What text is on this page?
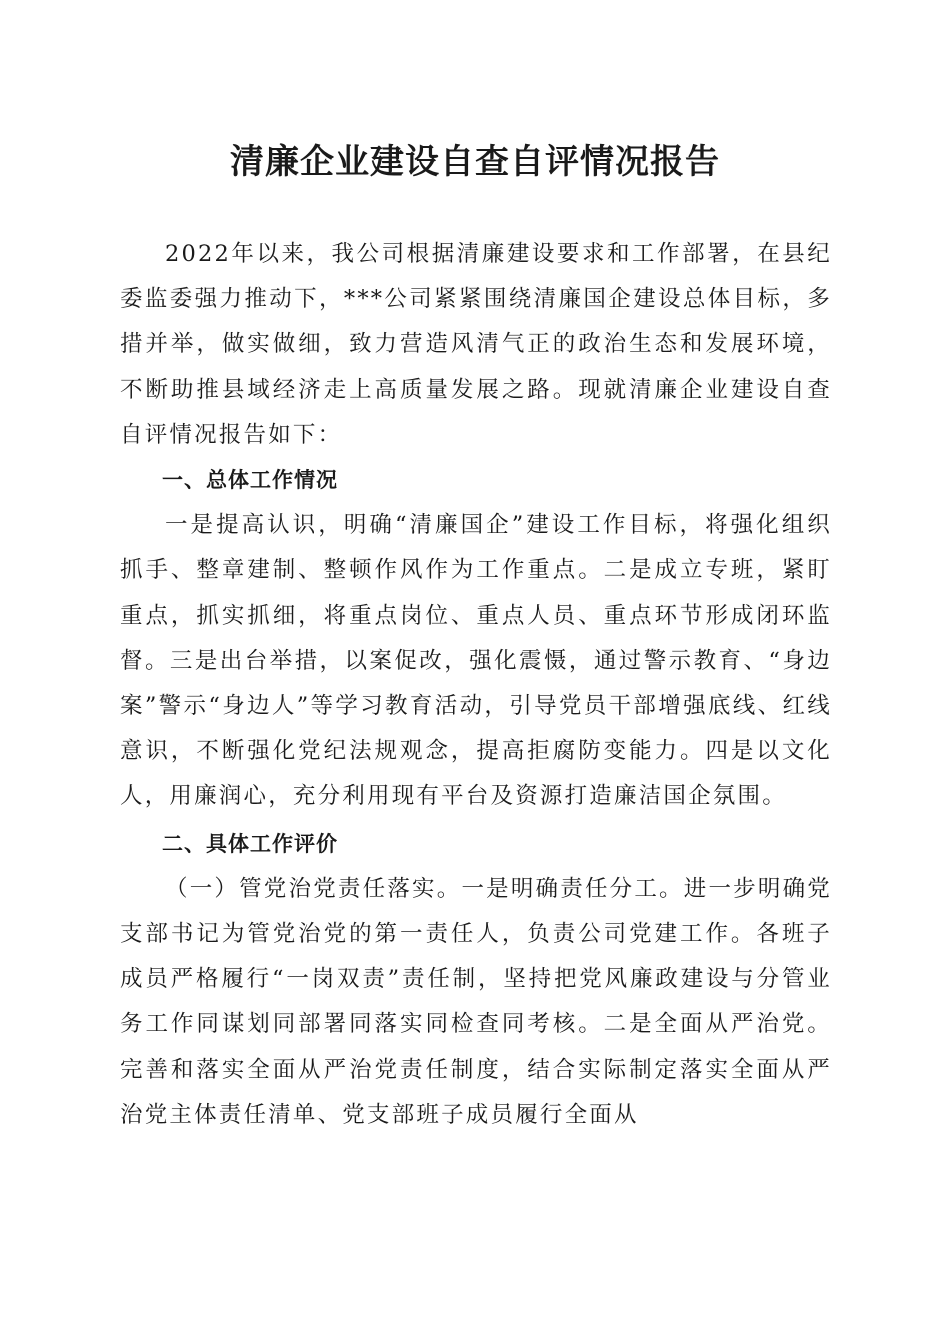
清廉企业建设自查自评情况报告

2022年以来，我公司根据清廉建设要求和工作部署，在县纪委监委强力推动下，***公司紧紧围绕清廉国企建设总体目标，多措并举，做实做细，致力营造风清气正的政治生态和发展环境，不断助推县域经济走上高质量发展之路。现就清廉企业建设自查自评情况报告如下：

一、总体工作情况

一是提高认识，明确“清廉国企”建设工作目标，将强化组织抓手、整章建制、整顿作风作为工作重点。二是成立专班，紧盯重点，抓实抓细，将重点岗位、重点人员、重点环节形成闭环监督。三是出台举措，以案促改，强化震慑，通过警示教育、“身边案”警示“身边人”等学习教育活动，引导党员干部增强底线、红线意识，不断强化党纪法规观念，提高拒腐防变能力。四是以文化人，用廉润心，充分利用现有平台及资源打造廉洁国企氛围。

二、具体工作评价

（一）管党治党责任落实。一是明确责任分工。进一步明确党支部书记为管党治党的第一责任人，负责公司党建工作。各班子成员严格履行“一岗双责”责任制，坚持把党风廉政建设与分管业务工作同谋划同部署同落实同检查同考核。二是全面从严治党。完善和落实全面从严治党责任制度，结合实际制定落实全面从严治党主体责任清单、党支部班子成员履行全面从
